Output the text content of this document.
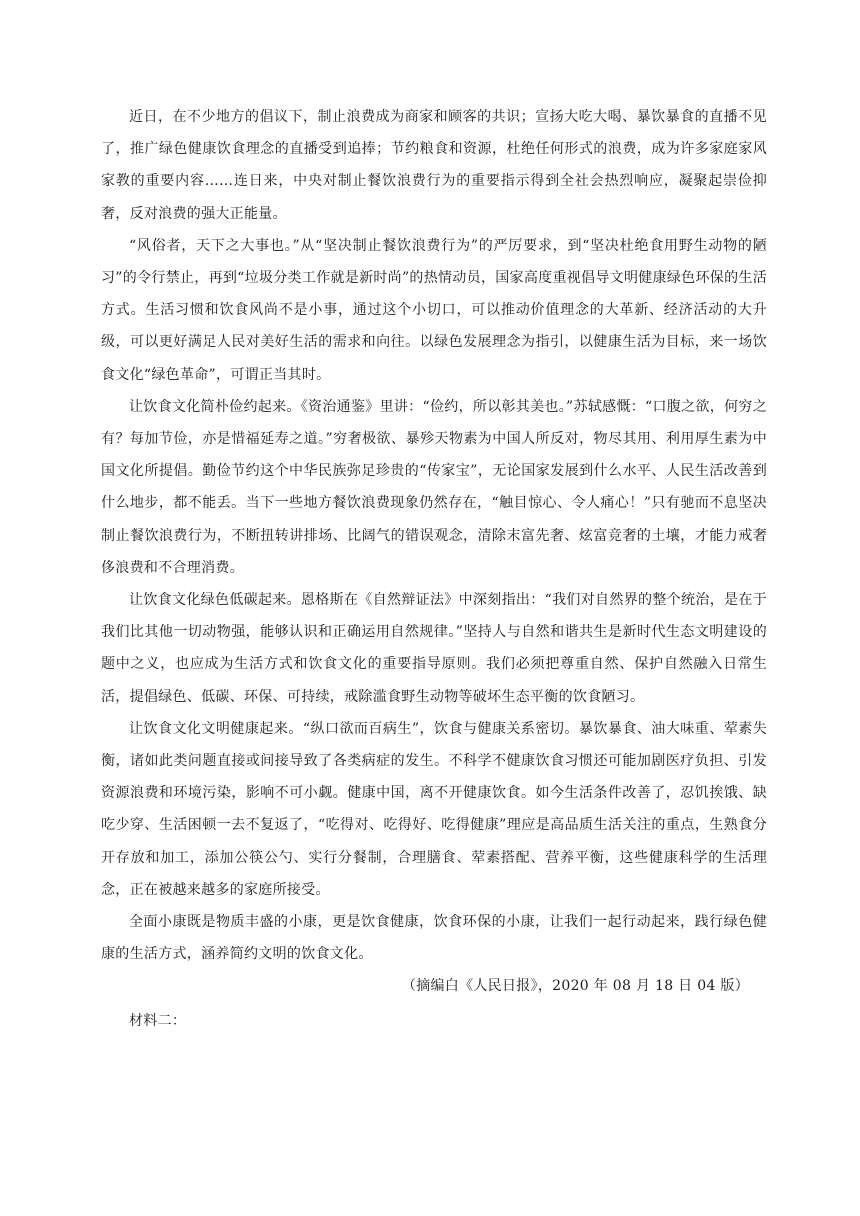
近日，在不少地方的倡议下，制止浪费成为商家和顾客的共识；宣扬大吃大喝、暴饮暴食的直播不见了，推广绿色健康饮食理念的直播受到追捧；节约粮食和资源，杜绝任何形式的浪费，成为许多家庭家风家教的重要内容……连日来，中央对制止餐饮浪费行为的重要指示得到全社会热烈响应，凝聚起崇俭抑奢，反对浪费的强大正能量。

“风俗者，天下之大事也。”从“坚决制止餐饮浪费行为”的严厉要求，到“坚决杜绝食用野生动物的陋习”的令行禁止，再到“垃圾分类工作就是新时尚”的热情动员，国家高度重视倡导文明健康绿色环保的生活方式。生活习惯和饮食风尚不是小事，通过这个小切口，可以推动价值理念的大革新、经济活动的大升级，可以更好满足人民对美好生活的需求和向往。以绿色发展理念为指引，以健康生活为目标，来一场饮食文化“绿色革命”，可谓正当其时。

让饮食文化简朴俭约起来。《资治通鉴》里讲：“俭约，所以彰其美也。”苏轼感慨：“口腹之欲，何穷之有？每加节俭，亦是惜福延寿之道。”穷奢极欲、暴殄天物素为中国人所反对，物尽其用、利用厚生素为中国文化所提倡。勤俭节约这个中华民族弥足珍贵的“传家宝”，无论国家发展到什么水平、人民生活改善到什么地步，都不能丢。当下一些地方餐饮浪费现象仍然存在，“触目惊心、令人痛心！”只有驰而不息坚决制止餐饮浪费行为，不断扭转讲排场、比阔气的错误观念，清除末富先奢、炫富竞奢的土壤，才能力戒奢侈浪费和不合理消费。

让饮食文化绿色低碳起来。恩格斯在《自然辩证法》中深刻指出：“我们对自然界的整个统治，是在于我们比其他一切动物强，能够认识和正确运用自然规律。”坚持人与自然和谐共生是新时代生态文明建设的题中之义，也应成为生活方式和饮食文化的重要指导原则。我们必须把尊重自然、保护自然融入日常生活，提倡绿色、低碳、环保、可持续，戒除滥食野生动物等破坏生态平衡的饮食陋习。

让饮食文化文明健康起来。“纵口欲而百病生”，饮食与健康关系密切。暴饮暴食、油大味重、荤素失衡，诸如此类问题直接或间接导致了各类病症的发生。不科学不健康饮食习惯还可能加剧医疗负担、引发资源浪费和环境污染，影响不可小觑。健康中国，离不开健康饮食。如今生活条件改善了，忍饥挨饿、缺吃少穿、生活困顿一去不复返了，“吃得对、吃得好、吃得健康”理应是高品质生活关注的重点，生熟食分开存放和加工，添加公筷公勺、实行分餐制，合理膳食、荤素搭配、营养平衡，这些健康科学的生活理念，正在被越来越多的家庭所接受。

全面小康既是物质丰盛的小康，更是饮食健康，饮食环保的小康，让我们一起行动起来，践行绿色健康的生活方式，涵养简约文明的饮食文化。

（摘编白《人民日报》，2020 年 08 月 18 日 04 版）

材料二：
